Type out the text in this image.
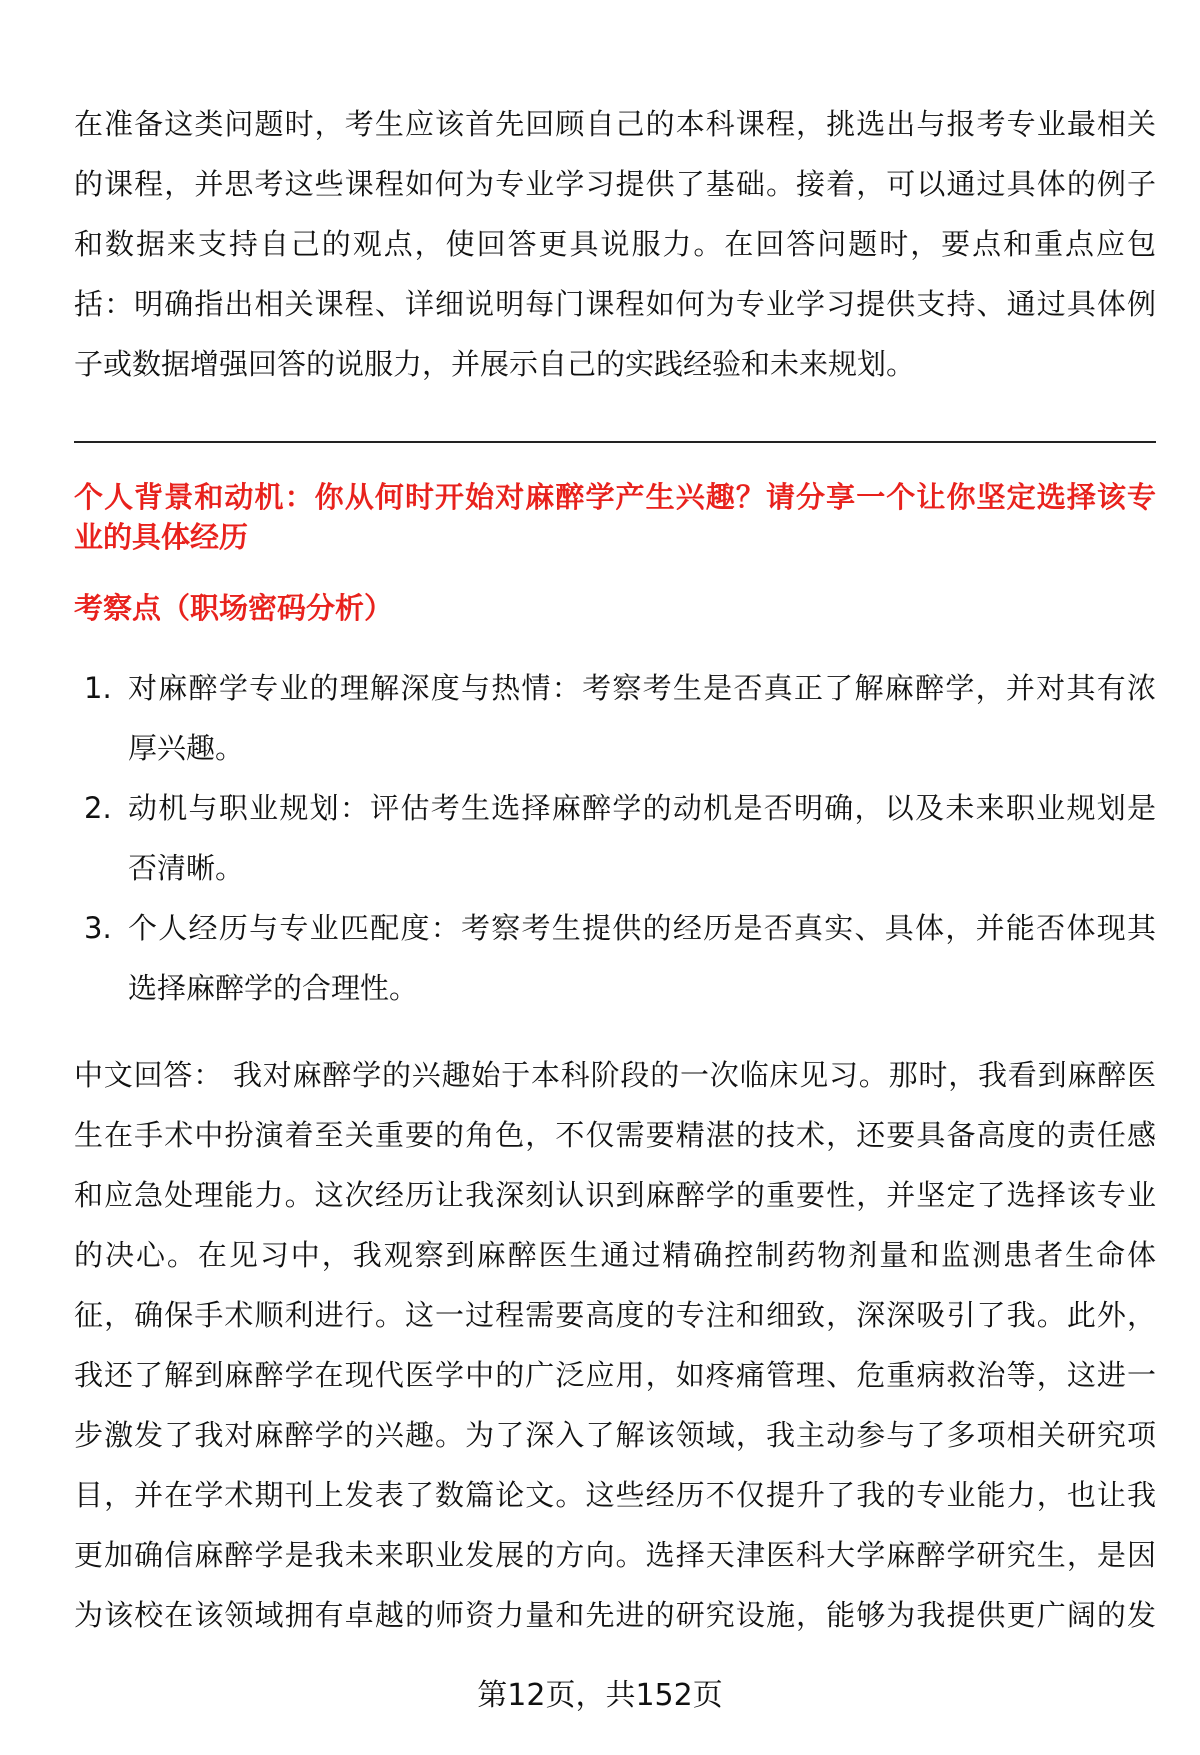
在准备这类问题时，考生应该首先回顾自己的本科课程，挑选出与报考专业最相关
的课程，并思考这些课程如何为专业学习提供了基础。接着，可以通过具体的例子
和数据来支持自己的观点，使回答更具说服力。在回答问题时，要点和重点应包
括：明确指出相关课程、详细说明每门课程如何为专业学习提供支持、通过具体例
子或数据增强回答的说服力，并展示自己的实践经验和未来规划。
个人背景和动机：你从何时开始对麻醉学产生兴趣？请分享一个让你坚定选择该专
业的具体经历
考察点（职场密码分析）
1. 对麻醉学专业的理解深度与热情：考察考生是否真正了解麻醉学，并对其有浓
厚兴趣。
2. 动机与职业规划：评估考生选择麻醉学的动机是否明确，以及未来职业规划是
否清晰。
3. 个人经历与专业匹配度：考察考生提供的经历是否真实、具体，并能否体现其
选择麻醉学的合理性。
中文回答： 我对麻醉学的兴趣始于本科阶段的一次临床见习。那时，我看到麻醉医
生在手术中扮演着至关重要的角色，不仅需要精湛的技术，还要具备高度的责任感
和应急处理能力。这次经历让我深刻认识到麻醉学的重要性，并坚定了选择该专业
的决心。在见习中，我观察到麻醉医生通过精确控制药物剂量和监测患者生命体
征，确保手术顺利进行。这一过程需要高度的专注和细致，深深吸引了我。此外，
我还了解到麻醉学在现代医学中的广泛应用，如疼痛管理、危重病救治等，这进一
步激发了我对麻醉学的兴趣。为了深入了解该领域，我主动参与了多项相关研究项
目，并在学术期刊上发表了数篇论文。这些经历不仅提升了我的专业能力，也让我
更加确信麻醉学是我未来职业发展的方向。选择天津医科大学麻醉学研究生，是因
为该校在该领域拥有卓越的师资力量和先进的研究设施，能够为我提供更广阔的发
第12页，共152页
